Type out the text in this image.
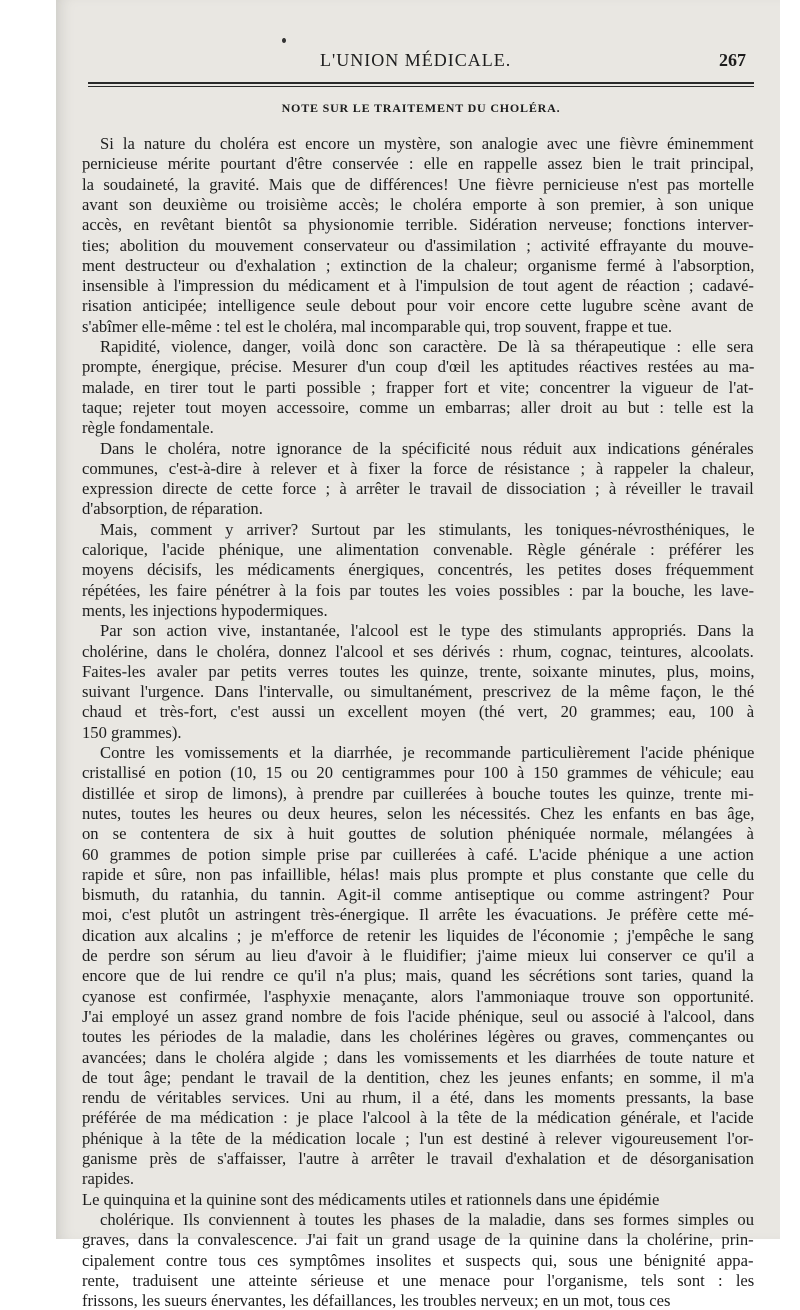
L'UNION MÉDICALE.	267
NOTE SUR LE TRAITEMENT DU CHOLÉRA.
Si la nature du choléra est encore un mystère, son analogie avec une fièvre éminemment
pernicieuse mérite pourtant d'être conservée : elle en rappelle assez bien le trait principal,
la soudaineté, la gravité. Mais que de différences! Une fièvre pernicieuse n'est pas mortelle
avant son deuxième ou troisième accès; le choléra emporte à son premier, à son unique
accès, en revêtant bientôt sa physionomie terrible. Sidération nerveuse; fonctions interver-
ties; abolition du mouvement conservateur ou d'assimilation ; activité effrayante du mouve-
ment destructeur ou d'exhalation ; extinction de la chaleur; organisme fermé à l'absorption,
insensible à l'impression du médicament et à l'impulsion de tout agent de réaction ; cadavé-
risation anticipée; intelligence seule debout pour voir encore cette lugubre scène avant de
s'abîmer elle-même : tel est le choléra, mal incomparable qui, trop souvent, frappe et tue.
Rapidité, violence, danger, voilà donc son caractère. De là sa thérapeutique : elle sera
prompte, énergique, précise. Mesurer d'un coup d'œil les aptitudes réactives restées au ma-
malade, en tirer tout le parti possible ; frapper fort et vite; concentrer la vigueur de l'at-
taque; rejeter tout moyen accessoire, comme un embarras; aller droit au but : telle est la
règle fondamentale.
Dans le choléra, notre ignorance de la spécificité nous réduit aux indications générales
communes, c'est-à-dire à relever et à fixer la force de résistance ; à rappeler la chaleur,
expression directe de cette force ; à arrêter le travail de dissociation ; à réveiller le travail
d'absorption, de réparation.
Mais, comment y arriver? Surtout par les stimulants, les toniques-névrosthéniques, le
calorique, l'acide phénique, une alimentation convenable. Règle générale : préférer les
moyens décisifs, les médicaments énergiques, concentrés, les petites doses fréquemment
répétées, les faire pénétrer à la fois par toutes les voies possibles : par la bouche, les lave-
ments, les injections hypodermiques.
Par son action vive, instantanée, l'alcool est le type des stimulants appropriés. Dans la
cholérine, dans le choléra, donnez l'alcool et ses dérivés : rhum, cognac, teintures, alcoolats.
Faites-les avaler par petits verres toutes les quinze, trente, soixante minutes, plus, moins,
suivant l'urgence. Dans l'intervalle, ou simultanément, prescrivez de la même façon, le thé
chaud et très-fort, c'est aussi un excellent moyen (thé vert, 20 grammes; eau, 100 à
150 grammes).
Contre les vomissements et la diarrhée, je recommande particulièrement l'acide phénique
cristallisé en potion (10, 15 ou 20 centigrammes pour 100 à 150 grammes de véhicule; eau
distillée et sirop de limons), à prendre par cuillerées à bouche toutes les quinze, trente mi-
nutes, toutes les heures ou deux heures, selon les nécessités. Chez les enfants en bas âge,
on se contentera de six à huit gouttes de solution phéniquée normale, mélangées à
60 grammes de potion simple prise par cuillerées à café. L'acide phénique a une action
rapide et sûre, non pas infaillible, hélas! mais plus prompte et plus constante que celle du
bismuth, du ratanhia, du tannin. Agit-il comme antiseptique ou comme astringent? Pour
moi, c'est plutôt un astringent très-énergique. Il arrête les évacuations. Je préfère cette mé-
dication aux alcalins ; je m'efforce de retenir les liquides de l'économie ; j'empêche le sang
de perdre son sérum au lieu d'avoir à le fluidifier; j'aime mieux lui conserver ce qu'il a
encore que de lui rendre ce qu'il n'a plus; mais, quand les sécrétions sont taries, quand la
cyanose est confirmée, l'asphyxie menaçante, alors l'ammoniaque trouve son opportunité.
J'ai employé un assez grand nombre de fois l'acide phénique, seul ou associé à l'alcool, dans
toutes les périodes de la maladie, dans les cholérines légères ou graves, commençantes ou
avancées; dans le choléra algide ; dans les vomissements et les diarrhées de toute nature et
de tout âge; pendant le travail de la dentition, chez les jeunes enfants; en somme, il m'a
rendu de véritables services. Uni au rhum, il a été, dans les moments pressants, la base
préférée de ma médication : je place l'alcool à la tête de la médication générale, et l'acide
phénique à la tête de la médication locale ; l'un est destiné à relever vigoureusement l'or-
ganisme près de s'affaisser, l'autre à arrêter le travail d'exhalation et de désorganisation
rapides.
Le quinquina et la quinine sont des médicaments utiles et rationnels dans une épidémie
cholérique. Ils conviennent à toutes les phases de la maladie, dans ses formes simples ou
graves, dans la convalescence. J'ai fait un grand usage de la quinine dans la cholérine, prin-
cipalement contre tous ces symptômes insolites et suspects qui, sous une bénignité appa-
rente, traduisent une atteinte sérieuse et une menace pour l'organisme, tels sont : les
frissons, les sueurs énervantes, les défaillances, les troubles nerveux; en un mot, tous ces
